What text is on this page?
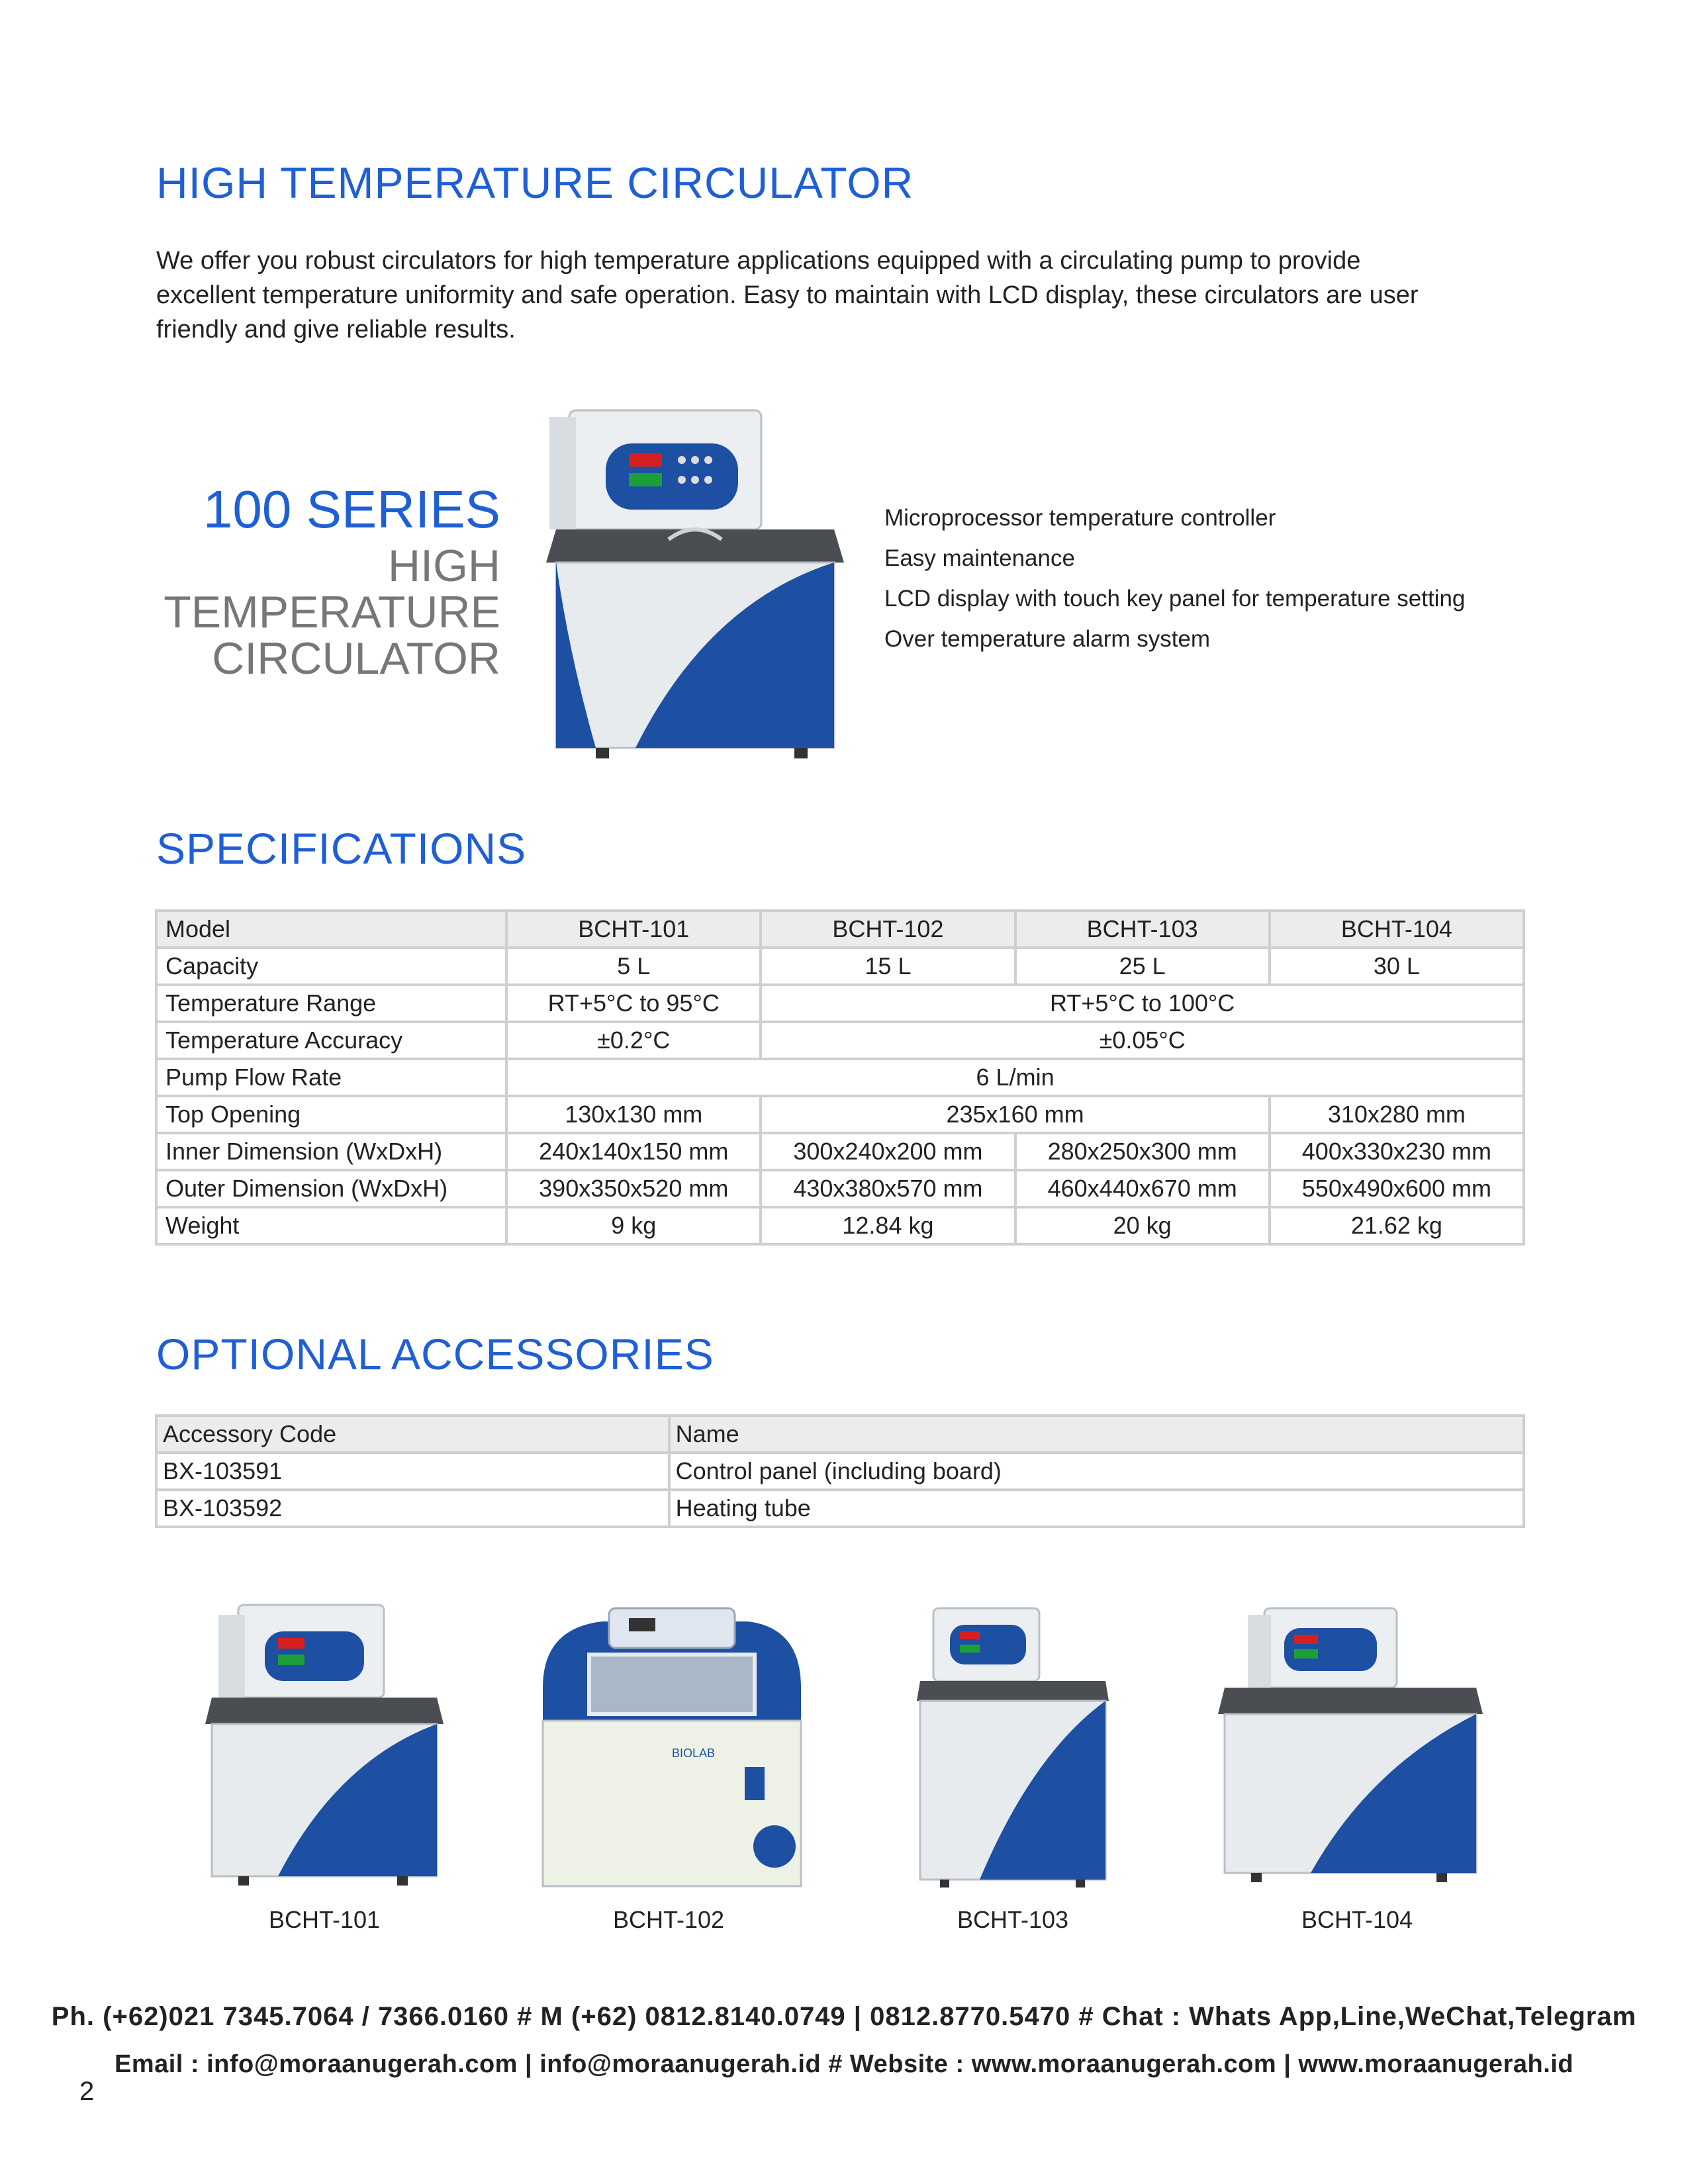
HIGH TEMPERATURE CIRCULATOR
We offer you robust circulators for high temperature applications equipped with a circulating pump to provide
excellent temperature uniformity and safe operation. Easy to maintain with LCD display, these circulators are user
friendly and give reliable results.
100 SERIES
HIGH
TEMPERATURE
CIRCULATOR
Microprocessor temperature controller
Easy maintenance
LCD display with touch key panel for temperature setting
Over temperature alarm system
SPECIFICATIONS
Model	BCHT-101	BCHT-102	BCHT-103	BCHT-104
Capacity	5 L	15 L	25 L	30 L
Temperature Range	RT+5°C to 95°C	RT+5°C to 100°C		
Temperature Accuracy	±0.2°C	±0.05°C		
Pump Flow Rate	6 L/min			
Top Opening	130x130 mm	235x160 mm		310x280 mm
Inner Dimension (WxDxH)	240x140x150 mm	300x240x200 mm	280x250x300 mm	400x330x230 mm
Outer Dimension (WxDxH)	390x350x520 mm	430x380x570 mm	460x440x670 mm	550x490x600 mm
Weight	9 kg	12.84 kg	20 kg	21.62 kg
OPTIONAL ACCESSORIES
Accessory Code	Name
BX-103591	Control panel (including board)
BX-103592	Heating tube
BIOLAB
BCHT-101	BCHT-102	BCHT-103	BCHT-104
Ph. (+62)021 7345.7064 / 7366.0160 # M (+62) 0812.8140.0749 | 0812.8770.5470 # Chat : Whats App,Line,WeChat,Telegram
Email : info@moraanugerah.com | info@moraanugerah.id # Website : www.moraanugerah.com | www.moraanugerah.id
2
